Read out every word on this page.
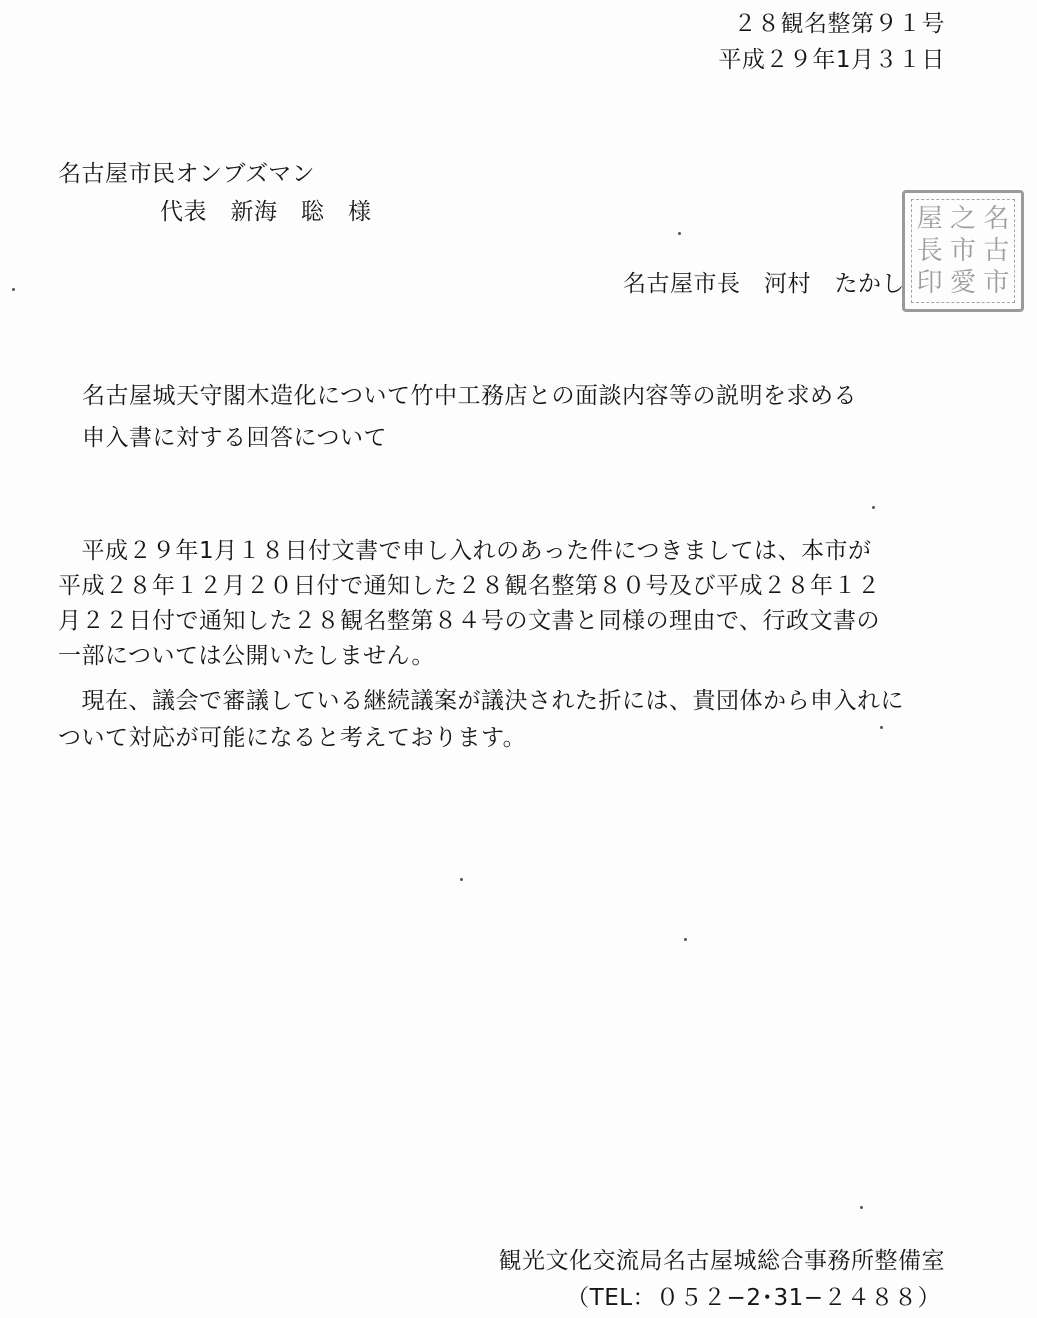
２８観名整第９１号
平成２９年1月３１日
名古屋市民オンブズマン
代表　新海　聡　様
名古屋市長　河村　たかし
屋 之 名
長 市 古
印 愛 市
名古屋城天守閣木造化について竹中工務店との面談内容等の説明を求める
申入書に対する回答について
　平成２９年1月１８日付文書で申し入れのあった件につきましては、本市が
平成２８年１２月２０日付で通知した２８観名整第８０号及び平成２８年１２
月２２日付で通知した２８観名整第８４号の文書と同様の理由で、行政文書の
一部については公開いたしません。
　現在、議会で審議している継続議案が議決された折には、貴団体から申入れに
ついて対応が可能になると考えております。
観光文化交流局名古屋城総合事務所整備室
（TEL：０５２−2･31−２４８８）
